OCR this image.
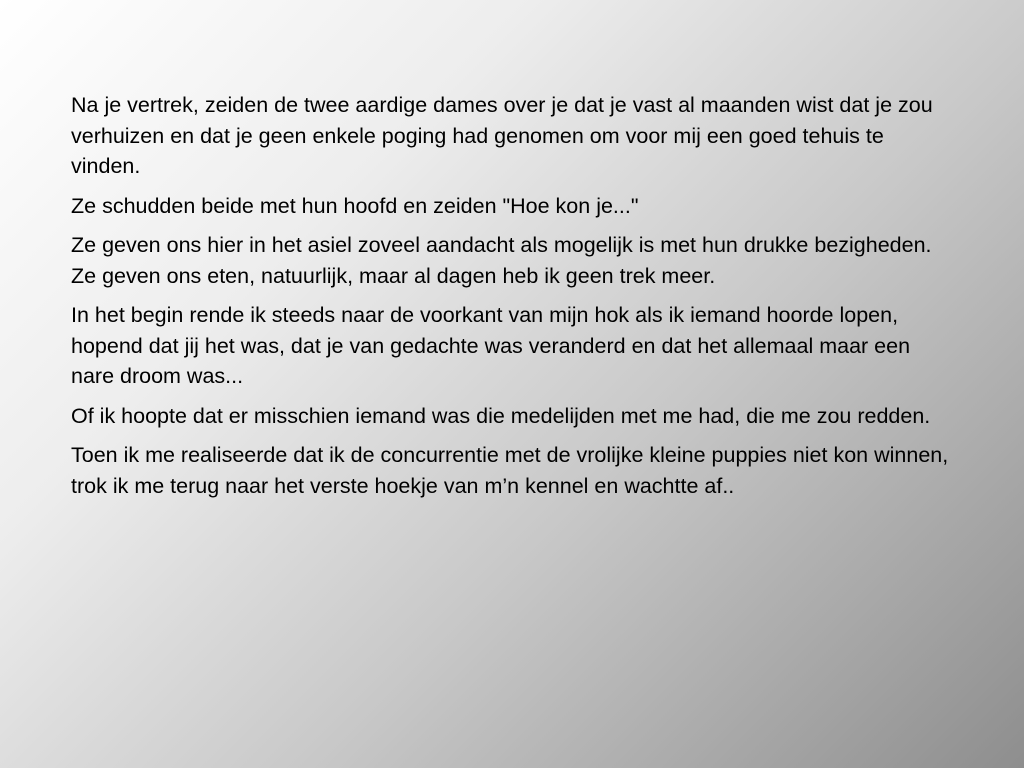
Na je vertrek, zeiden de twee aardige dames over je dat je vast al maanden wist dat je zou verhuizen en dat je geen enkele poging had genomen om voor mij een goed tehuis te vinden.

Ze schudden beide met hun hoofd en zeiden "Hoe kon je..."

Ze geven ons hier in het asiel zoveel aandacht als mogelijk is met hun drukke bezigheden.  Ze geven ons eten, natuurlijk, maar al dagen heb ik geen trek meer.

In het begin rende ik steeds naar de voorkant van mijn hok als ik iemand hoorde lopen, hopend dat jij het was, dat je van gedachte was veranderd en dat het allemaal maar een nare droom was...

Of ik hoopte dat er misschien iemand was die medelijden met me had, die me zou redden.

Toen ik me realiseerde dat ik de concurrentie met de vrolijke kleine puppies niet kon winnen, trok ik me terug naar het verste hoekje van m’n kennel en wachtte af..
